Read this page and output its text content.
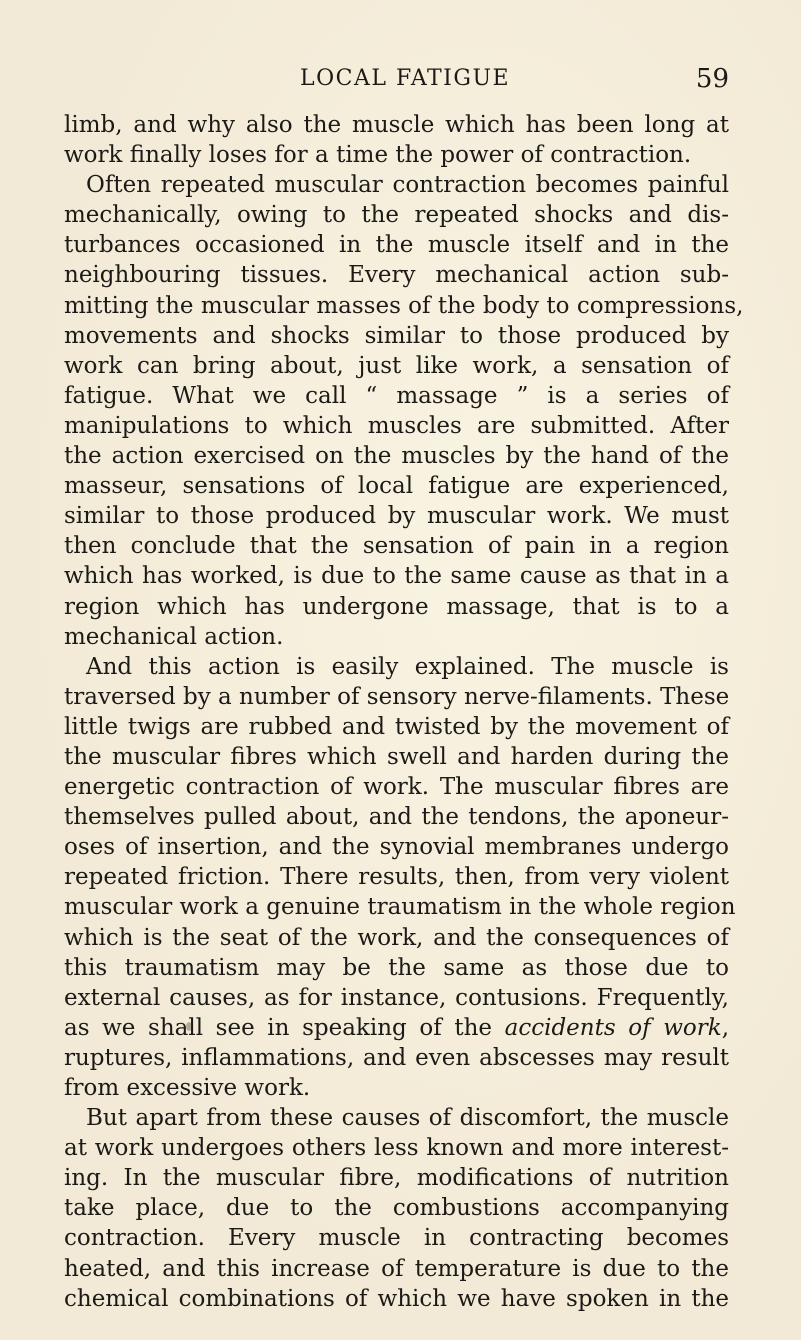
LOCAL FATIGUE	59
limb, and why also the muscle which has been long at
work finally loses for a time the power of contraction.
Often repeated muscular contraction becomes painful
mechanically, owing to the repeated shocks and dis-
turbances occasioned in the muscle itself and in the
neighbouring tissues. Every mechanical action sub-
mitting the muscular masses of the body to compressions,
movements and shocks similar to those produced by
work can bring about, just like work, a sensation of
fatigue. What we call “ massage ” is a series of
manipulations to which muscles are submitted. After
the action exercised on the muscles by the hand of the
masseur, sensations of local fatigue are experienced,
similar to those produced by muscular work. We must
then conclude that the sensation of pain in a region
which has worked, is due to the same cause as that in a
region which has undergone massage, that is to a
mechanical action.
And this action is easily explained. The muscle is
traversed by a number of sensory nerve-filaments. These
little twigs are rubbed and twisted by the movement of
the muscular fibres which swell and harden during the
energetic contraction of work. The muscular fibres are
themselves pulled about, and the tendons, the aponeur-
oses of insertion, and the synovial membranes undergo
repeated friction. There results, then, from very violent
muscular work a genuine traumatism in the whole region
which is the seat of the work, and the consequences of
this traumatism may be the same as those due to
external causes, as for instance, contusions. Frequently,
as we shall see in speaking of the accidents of work,
ruptures, inflammations, and even abscesses may result
from excessive work.
But apart from these causes of discomfort, the muscle
at work undergoes others less known and more interest-
ing. In the muscular fibre, modifications of nutrition
take place, due to the combustions accompanying
contraction. Every muscle in contracting becomes
heated, and this increase of temperature is due to the
chemical combinations of which we have spoken in the
